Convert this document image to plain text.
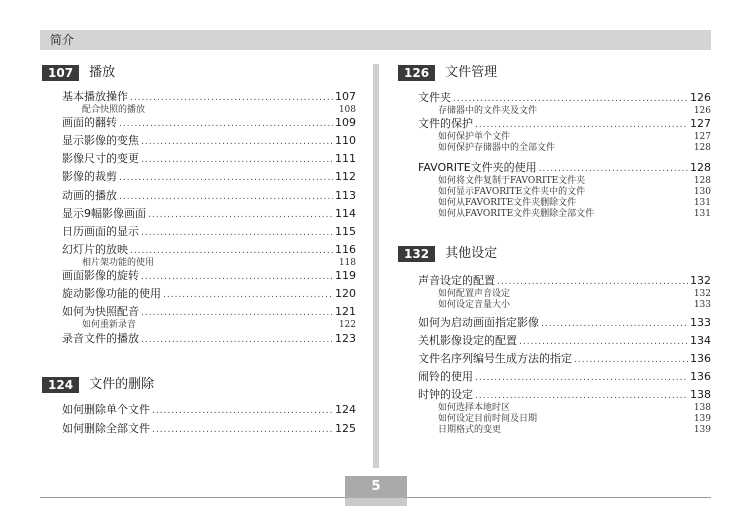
简介
107	播放
基本播放操作 .....	107
配合快照的播放	108
画面的翻转 .....	109
显示影像的变焦 .....	110
影像尺寸的变更 .....	111
影像的裁剪 .....	112
动画的播放 .....	113
显示9幅影像画面 .....	114
日历画面的显示 .....	115
幻灯片的放映 .....	116
相片架功能的使用	118
画面影像的旋转 .....	119
旋动影像功能的使用 .....	120
如何为快照配音 .....	121
如何重新录音	122
录音文件的播放 .....	123
124	文件的删除
如何删除单个文件 .....	124
如何删除全部文件 .....	125
126	文件管理
文件夹 .....	126
存储器中的文件夹及文件	126
文件的保护 .....	127
如何保护单个文件	127
如何保护存储器中的全部文件	128
FAVORITE文件夹的使用 .....	128
如何将文件复制于FAVORITE文件夹	128
如何显示FAVORITE文件夹中的文件	130
如何从FAVORITE文件夹删除文件	131
如何从FAVORITE文件夹删除全部文件	131
132	其他设定
声音设定的配置 .....	132
如何配置声音设定	132
如何设定音量大小	133
如何为启动画面指定影像 .....	133
关机影像设定的配置 .....	134
文件名序列编号生成方法的指定 .....	136
闹铃的使用 .....	136
时钟的设定 .....	138
如何选择本地时区	138
如何设定目前时间及日期	139
日期格式的变更	139
5
